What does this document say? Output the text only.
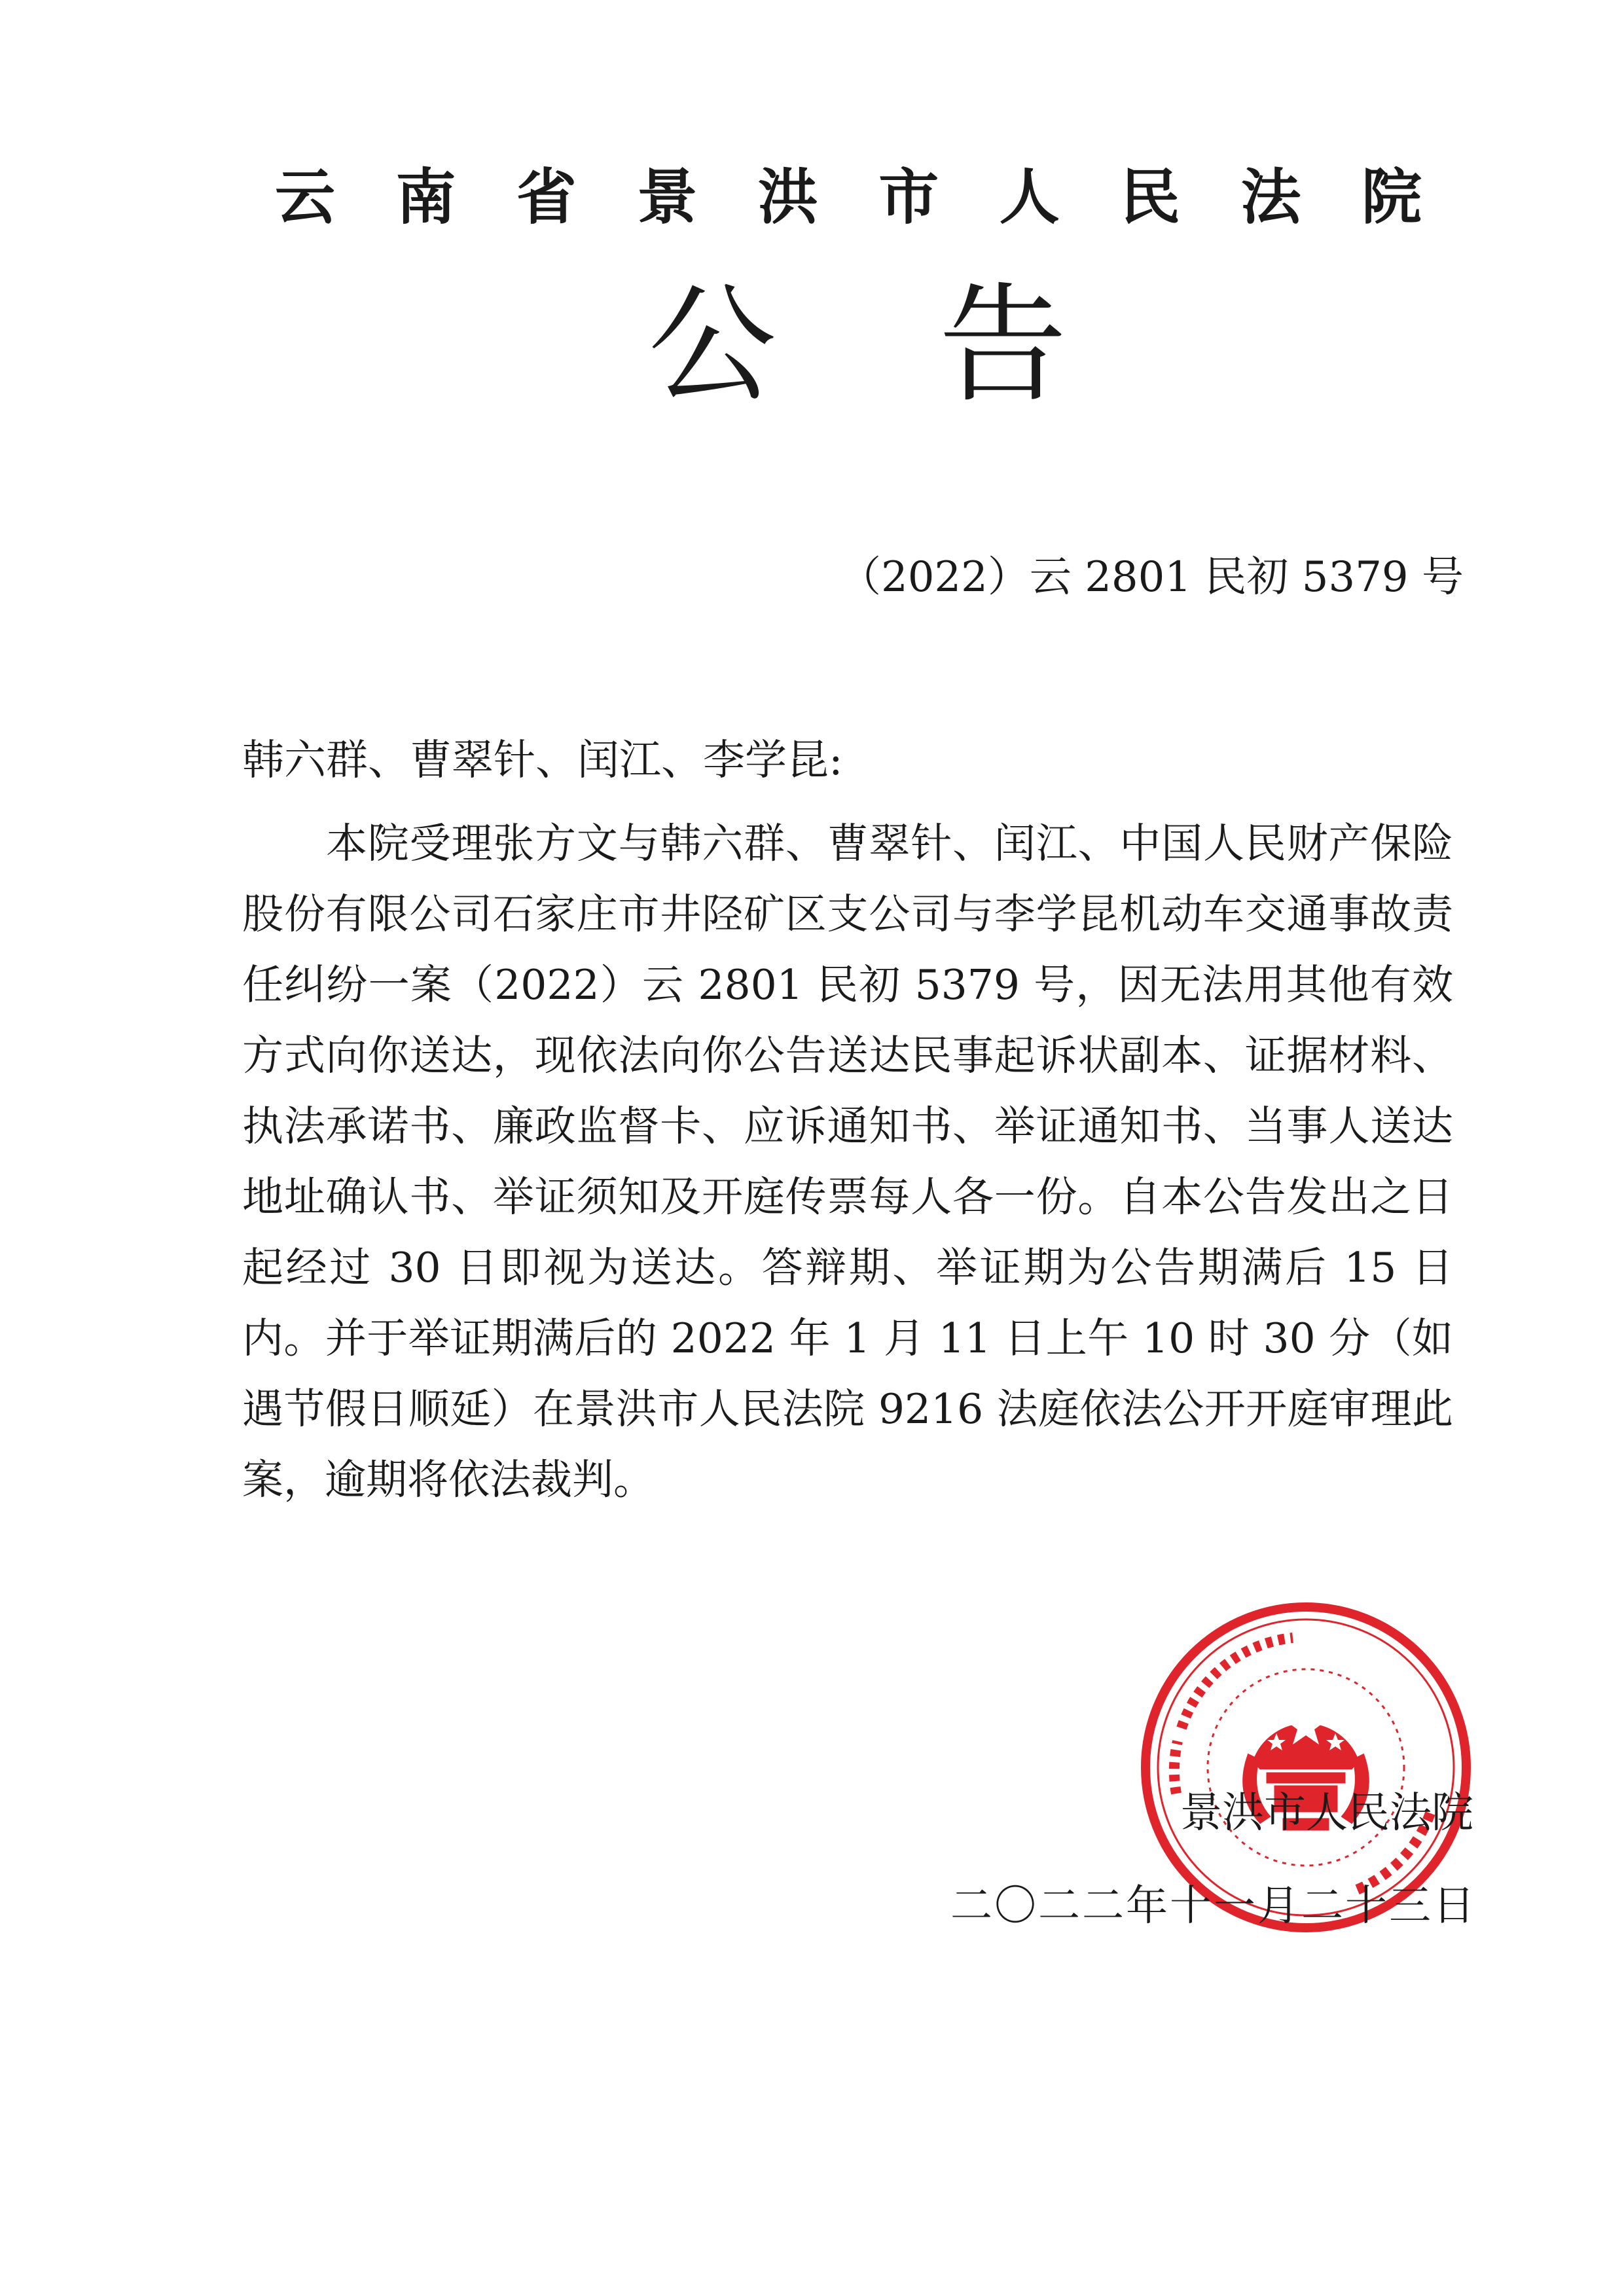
云 南 省 景 洪 市 人 民 法 院
公 告
（2022）云 2801 民初 5379 号
韩六群、曹翠针、闰江、李学昆:
本院受理张方文与韩六群、曹翠针、闰江、中国人民财产保险股份有限公司石家庄市井陉矿区支公司与李学昆机动车交通事故责任纠纷一案（2022）云 2801 民初 5379 号，因无法用其他有效方式向你送达，现依法向你公告送达民事起诉状副本、证据材料、执法承诺书、廉政监督卡、应诉通知书、举证通知书、当事人送达地址确认书、举证须知及开庭传票每人各一份。自本公告发出之日起经过 30 日即视为送达。答辩期、举证期为公告期满后 15 日内。并于举证期满后的 2022 年 1 月 11 日上午 10 时 30 分（如遇节假日顺延）在景洪市人民法院 9216 法庭依法公开开庭审理此案，逾期将依法裁判。
景洪市人民法院
二〇二二年十一月二十三日
